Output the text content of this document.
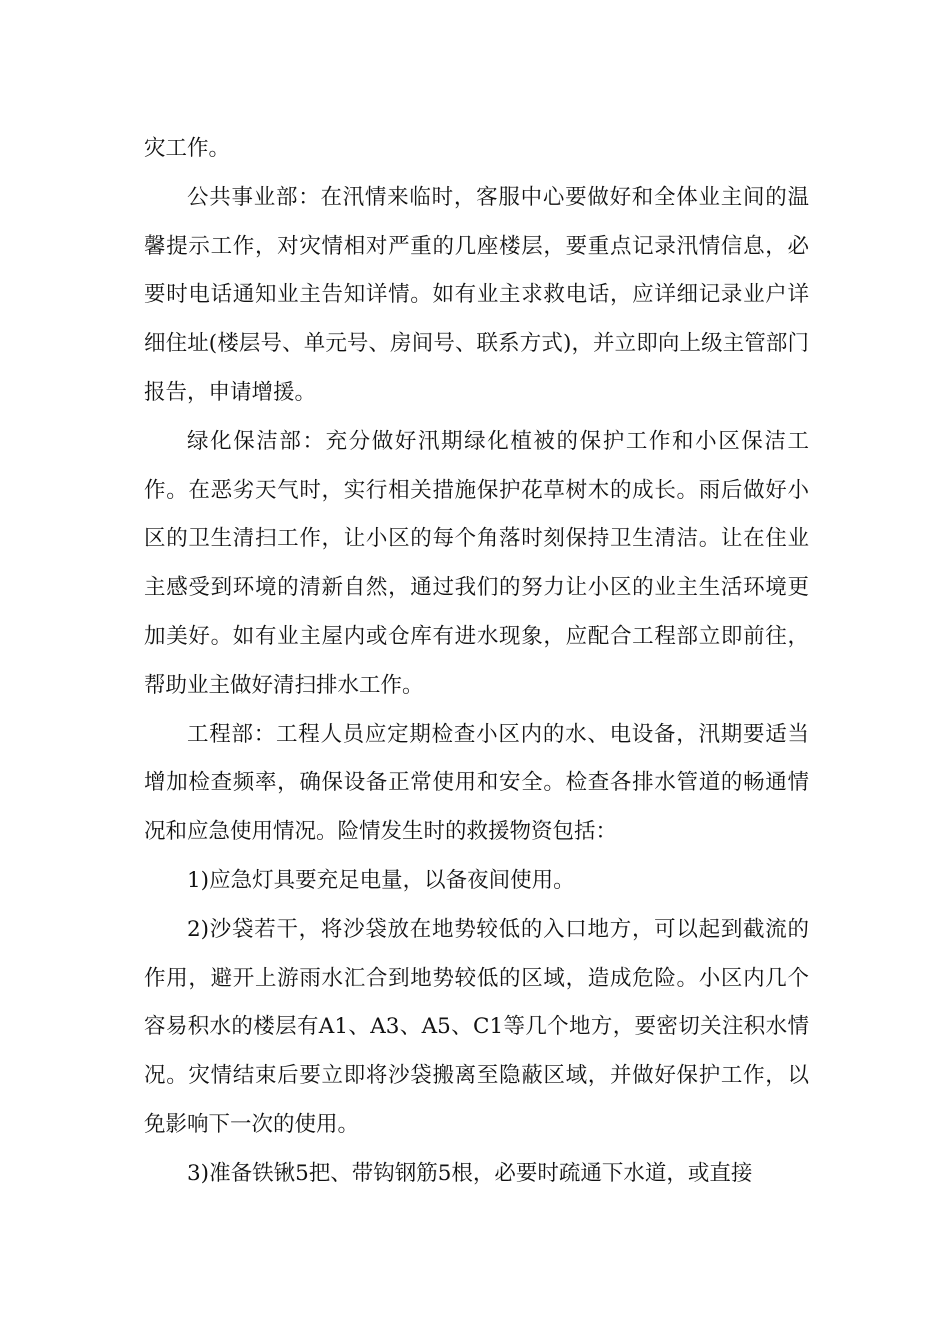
灾工作。

公共事业部：在汛情来临时，客服中心要做好和全体业主间的温馨提示工作，对灾情相对严重的几座楼层，要重点记录汛情信息，必要时电话通知业主告知详情。如有业主求救电话，应详细记录业户详细住址(楼层号、单元号、房间号、联系方式)，并立即向上级主管部门报告，申请增援。

绿化保洁部：充分做好汛期绿化植被的保护工作和小区保洁工作。在恶劣天气时，实行相关措施保护花草树木的成长。雨后做好小区的卫生清扫工作，让小区的每个角落时刻保持卫生清洁。让在住业主感受到环境的清新自然，通过我们的努力让小区的业主生活环境更加美好。如有业主屋内或仓库有进水现象，应配合工程部立即前往，帮助业主做好清扫排水工作。

工程部：工程人员应定期检查小区内的水、电设备，汛期要适当增加检查频率，确保设备正常使用和安全。检查各排水管道的畅通情况和应急使用情况。险情发生时的救援物资包括：

1)应急灯具要充足电量，以备夜间使用。

2)沙袋若干，将沙袋放在地势较低的入口地方，可以起到截流的作用，避开上游雨水汇合到地势较低的区域，造成危险。小区内几个容易积水的楼层有A1、A3、A5、C1等几个地方，要密切关注积水情况。灾情结束后要立即将沙袋搬离至隐蔽区域，并做好保护工作，以免影响下一次的使用。

3)准备铁锹5把、带钩钢筋5根，必要时疏通下水道，或直接
